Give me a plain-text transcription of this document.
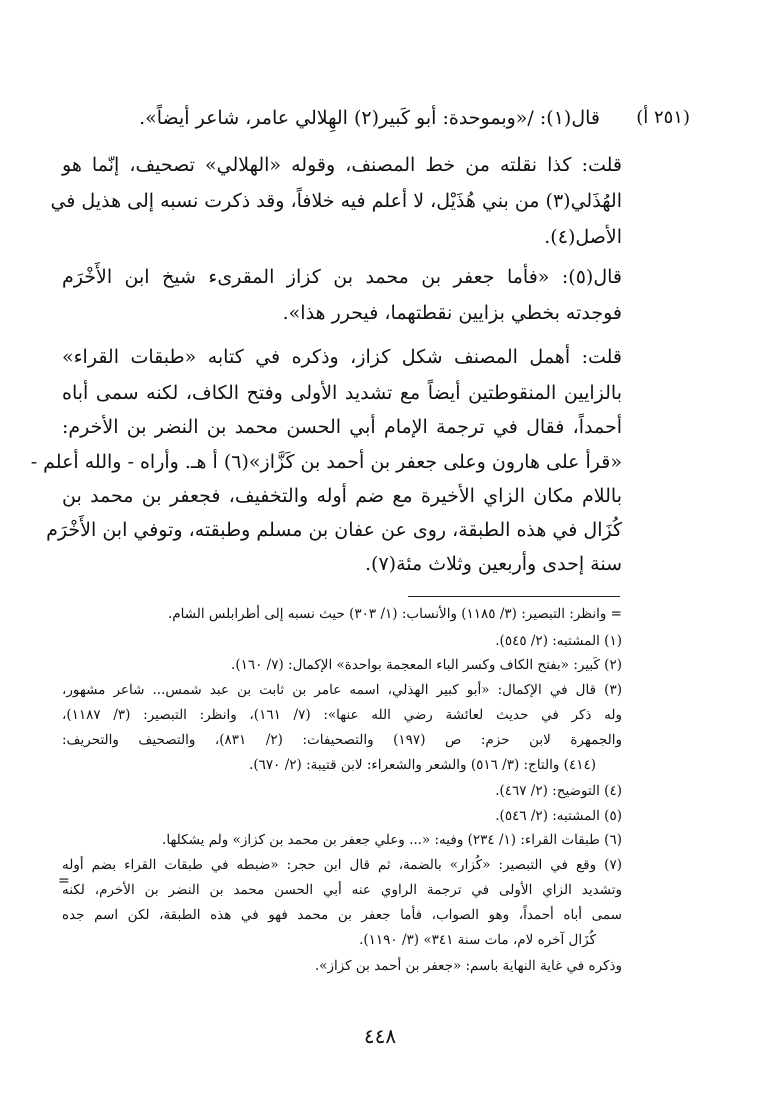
(٢٥١ أ)
قال(١): /«وبموحدة: أبو كَبير(٢) الهِلالي عامر، شاعر أيضاً».
قلت: كذا نقلته من خط المصنف، وقوله «الهلالي» تصحيف، إنّما هو
الهُذَلي(٣) من بني هُذَيْل، لا أعلم فيه خلافاً، وقد ذكرت نسبه إلى هذيل في
الأصل(٤).
قال(٥): «فأما جعفر بن محمد بن كزاز المقرىء شيخ ابن الأَخْرَم
فوجدته بخطي بزايين نقطتهما، فيحرر هذا».
قلت: أهمل المصنف شكل كزاز، وذكره في كتابه «طبقات القراء»
بالزايين المنقوطتين أيضاً مع تشديد الأولى وفتح الكاف، لكنه سمى أباه
أحمداً، فقال في ترجمة الإمام أبي الحسن محمد بن النضر بن الأخرم:
«قرأ على هارون وعلى جعفر بن أحمد بن كَزَّاز»(٦) أ هـ. وأراه - والله أعلم -
باللام مكان الزاي الأخيرة مع ضم أوله والتخفيف، فجعفر بن محمد بن
كُزَال في هذه الطبقة، روى عن عفان بن مسلم وطبقته، وتوفي ابن الأَخْرَم
سنة إحدى وأربعين وثلاث مئة(٧).
= وانظر: التبصير: (٣/ ١١٨٥) والأنساب: (١/ ٣٠٣) حيث نسبه إلى أطرابلس الشام.
(١) المشتبه: (٢/ ٥٤٥).
(٢) كَبير: «بفتح الكاف وكسر الباء المعجمة بواحدة» الإكمال: (٧/ ١٦٠).
(٣) قال في الإكمال: «أبو كبير الهذلي، اسمه عامر بن ثابت بن عبد شمس... شاعر مشهور،
وله ذكر في حديث لعائشة رضي الله عنها»: (٧/ ١٦١)، وانظر: التبصير: (٣/ ١١٨٧)،
والجمهرة لابن حزم: ص (١٩٧) والتصحيفات: (٢/ ٨٣١)، والتصحيف والتحريف:
(٤١٤) والتاج: (٣/ ٥١٦) والشعر والشعراء: لابن قتيبة: (٢/ ٦٧٠).
(٤) التوضيح: (٢/ ٤٦٧).
(٥) المشتبه: (٢/ ٥٤٦).
(٦) طبقات القراء: (١/ ٢٣٤) وفيه: «... وعلي جعفر بن محمد بن كزاز» ولم يشكلها.
(٧) وقع في التبصير: «كُزار» بالضمة، ثم قال ابن حجر: «ضبطه في طبقات القراء بضم أوله
وتشديد الزاي الأولى في ترجمة الراوي عنه أبي الحسن محمد بن النضر بن الأخرم، لكنه
سمى أباه أحمداً، وهو الصواب، فأما جعفر بن محمد فهو في هذه الطبقة، لكن اسم جده
كُزَال آخره لام، مات سنة ٣٤١» (٣/ ١١٩٠).
وذكره في غاية النهاية باسم: «جعفر بن أحمد بن كزاز».
=
٤٤٨
